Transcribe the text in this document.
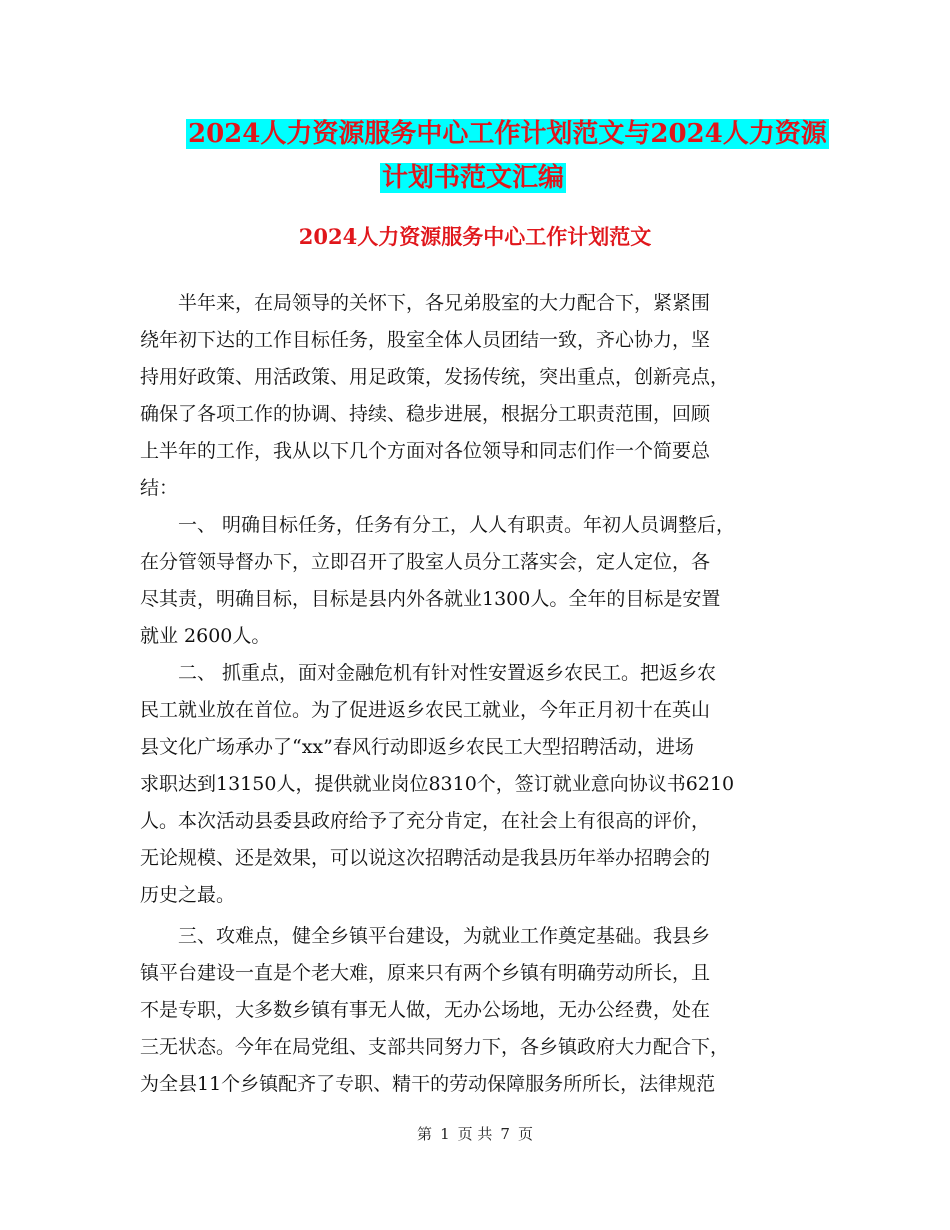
2024人力资源服务中心工作计划范文与2024人力资源
计划书范文汇编
2024人力资源服务中心工作计划范文
　　半年来，在局领导的关怀下，各兄弟股室的大力配合下，紧紧围
绕年初下达的工作目标任务，股室全体人员团结一致，齐心协力，坚
持用好政策、用活政策、用足政策，发扬传统，突出重点，创新亮点，
确保了各项工作的协调、持续、稳步进展，根据分工职责范围，回顾
上半年的工作，我从以下几个方面对各位领导和同志们作一个简要总
结：
　　一、 明确目标任务，任务有分工，人人有职责。年初人员调整后，
在分管领导督办下，立即召开了股室人员分工落实会，定人定位，各
尽其责，明确目标，目标是县内外各就业1300人。全年的目标是安置
就业 2600人。
　　二、 抓重点，面对金融危机有针对性安置返乡农民工。把返乡农
民工就业放在首位。为了促进返乡农民工就业，今年正月初十在英山
县文化广场承办了“xx”春风行动即返乡农民工大型招聘活动，进场
求职达到13150人，提供就业岗位8310个，签订就业意向协议书6210
人。本次活动县委县政府给予了充分肯定，在社会上有很高的评价，
无论规模、还是效果，可以说这次招聘活动是我县历年举办招聘会的
历史之最。
　　三、攻难点，健全乡镇平台建设，为就业工作奠定基础。我县乡
镇平台建设一直是个老大难，原来只有两个乡镇有明确劳动所长，且
不是专职，大多数乡镇有事无人做，无办公场地，无办公经费，处在
三无状态。今年在局党组、支部共同努力下，各乡镇政府大力配合下，
为全县11个乡镇配齐了专职、精干的劳动保障服务所所长，法律规范
第 1 页 共 7 页
